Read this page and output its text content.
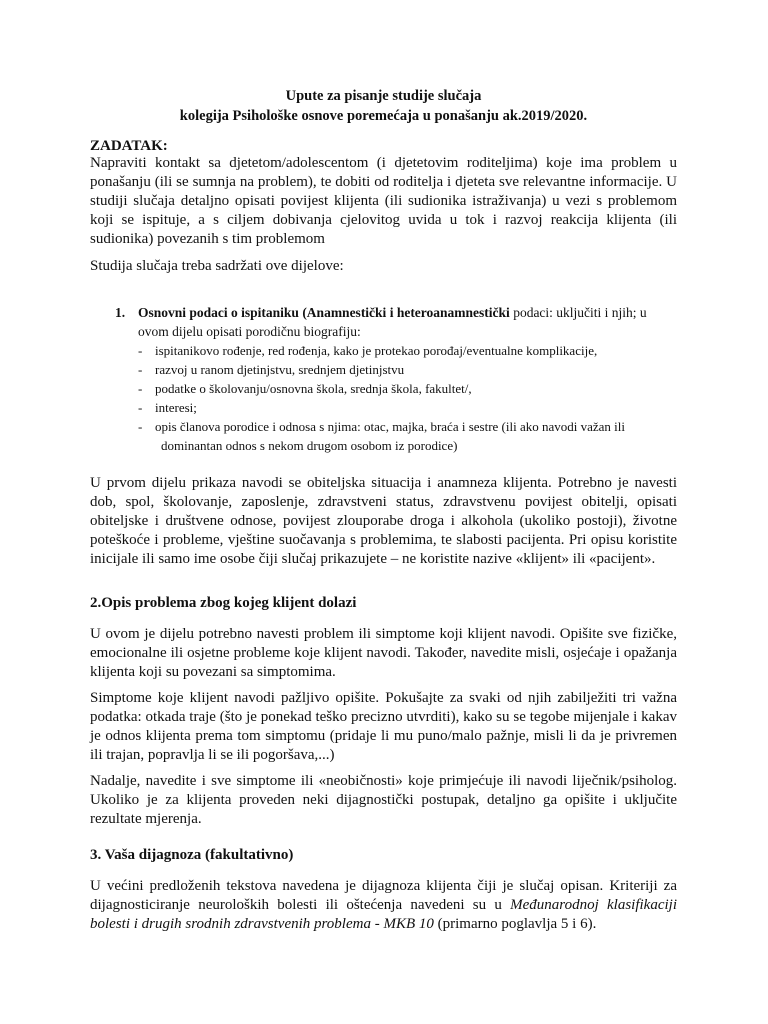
Upute za pisanje studije slučaja
kolegija Psihološke osnove poremećaja u ponašanju ak.2019/2020.
ZADATAK:
Napraviti kontakt sa djetetom/adolescentom (i djetetovim roditeljima) koje ima problem u ponašanju (ili se sumnja na problem), te dobiti od roditelja i djeteta sve relevantne informacije. U studiji slučaja detaljno opisati povijest klijenta (ili sudionika istraživanja) u vezi s problemom koji se ispituje, a s ciljem dobivanja cjelovitog uvida u tok i razvoj reakcija klijenta (ili sudionika) povezanih s tim problemom
Studija slučaja treba sadržati ove dijelove:
1. Osnovni podaci o ispitaniku (Anamnestički i heteroanamnestički podaci: uključiti i njih; u ovom dijelu opisati porodičnu biografiju:
- ispitanikovo rođenje, red rođenja, kako je protekao porođaj/eventualne komplikacije,
- razvoj u ranom djetinjstvu, srednjem djetinjstvu
- podatke o školovanju/osnovna škola, srednja škola, fakultet/,
- interesi;
- opis članova porodice i odnosa s njima: otac, majka, braća i sestre (ili ako navodi važan ili
dominantan odnos s nekom drugom osobom iz porodice)
U prvom dijelu prikaza navodi se obiteljska situacija i anamneza klijenta. Potrebno je navesti dob, spol, školovanje, zaposlenje, zdravstveni status, zdravstvenu povijest obitelji, opisati obiteljske i društvene odnose, povijest zlouporabe droga i alkohola (ukoliko postoji), životne poteškoće i probleme, vještine suočavanja s problemima, te slabosti pacijenta. Pri opisu koristite inicijale ili samo ime osobe čiji slučaj prikazujete – ne koristite nazive «klijent» ili «pacijent».
2.Opis problema zbog kojeg klijent dolazi
U ovom je dijelu potrebno navesti problem ili simptome koji klijent navodi. Opišite sve fizičke, emocionalne ili osjetne probleme koje klijent navodi. Također, navedite misli, osjećaje i opažanja klijenta koji su povezani sa simptomima.
Simptome koje klijent navodi pažljivo opišite. Pokušajte za svaki od njih zabilježiti tri važna podatka: otkada traje (što je ponekad teško precizno utvrditi), kako su se tegobe mijenjale i kakav je odnos klijenta prema tom simptomu (pridaje li mu puno/malo pažnje, misli li da je privremen ili trajan, popravlja li se ili pogoršava,...)
Nadalje, navedite i sve simptome ili «neobičnosti» koje primjećuje ili navodi liječnik/psiholog. Ukoliko je za klijenta proveden neki dijagnostički postupak, detaljno ga opišite i uključite rezultate mjerenja.
3. Vaša dijagnoza (fakultativno)
U većini predloženih tekstova navedena je dijagnoza klijenta čiji je slučaj opisan. Kriteriji za dijagnosticiranje neuroloških bolesti ili oštećenja navedeni su u Međunarodnoj klasifikaciji bolesti i drugih srodnih zdravstvenih problema - MKB 10 (primarno poglavlja 5 i 6).
